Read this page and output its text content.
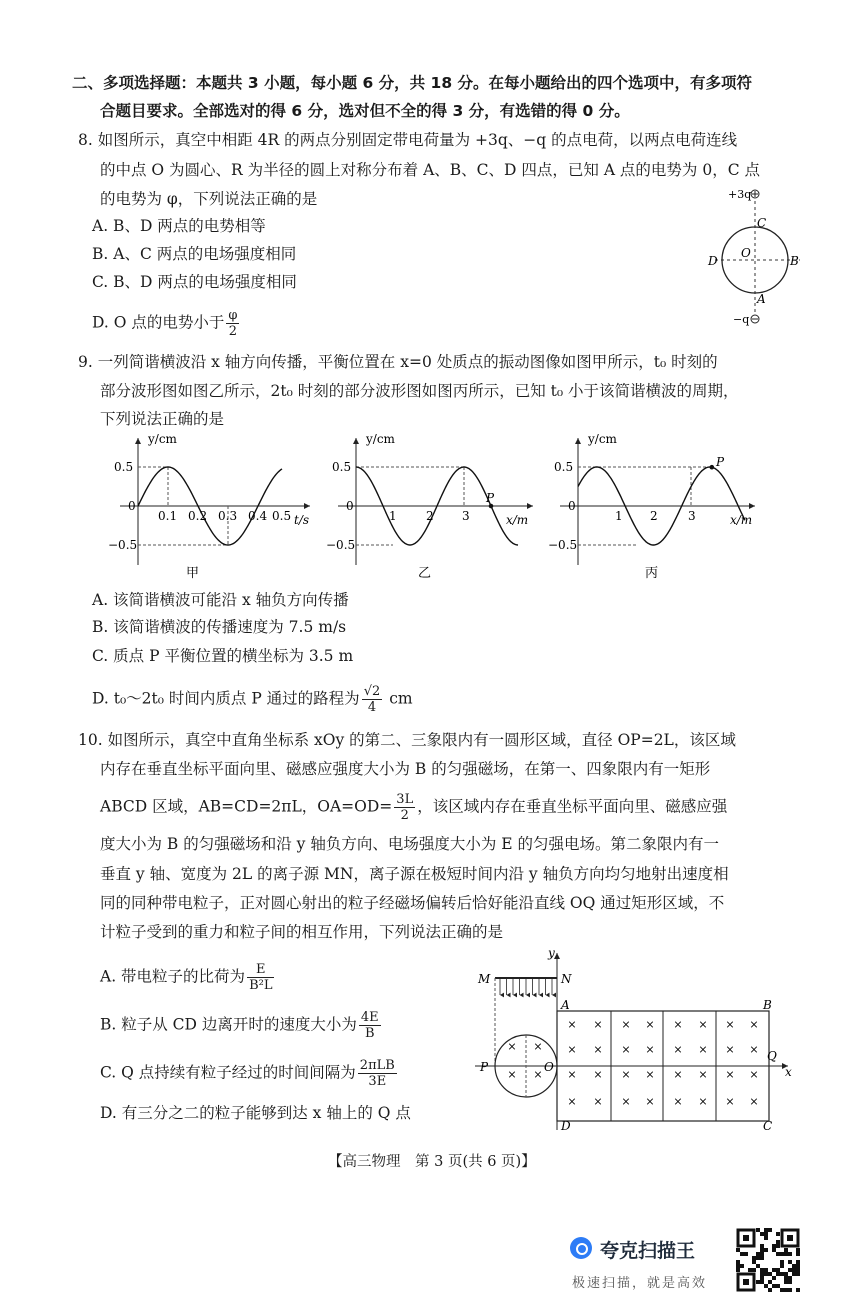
二、多项选择题：本题共 3 小题，每小题 6 分，共 18 分。在每小题给出的四个选项中，有多项符
合题目要求。全部选对的得 6 分，选对但不全的得 3 分，有选错的得 0 分。
8. 如图所示，真空中相距 4R 的两点分别固定带电荷量为 +3q、−q 的点电荷，以两点电荷连线
的中点 O 为圆心、R 为半径的圆上对称分布着 A、B、C、D 四点，已知 A 点的电势为 0，C 点
的电势为 φ，下列说法正确的是
A. B、D 两点的电势相等
B. A、C 两点的电场强度相同
C. B、D 两点的电场强度相同
D. O 点的电势小于 $\frac{\varphi}{2}$
+3q
−q
C
D	B
A
O
9. 一列简谐横波沿 x 轴方向传播，平衡位置在 x=0 处质点的振动图像如图甲所示，t₀ 时刻的
部分波形图如图乙所示，2t₀ 时刻的部分波形图如图丙所示，已知 t₀ 小于该简谐横波的周期，
下列说法正确的是
y/cm
0.5
0
−0.5
0.1 0.2 0.3 0.4 0.5 t/s
甲
y/cm
0.5
0
−0.5
1 2 3
P
x/m
乙
y/cm
0.5
0
−0.5
1 2	3
P
x/m
丙
A. 该简谐横波可能沿 x 轴负方向传播
B. 该简谐横波的传播速度为 7.5 m/s
C. 质点 P 平衡位置的横坐标为 3.5 m
D. t₀～2t₀ 时间内质点 P 通过的路程为 $\frac{√2}{4}$ cm
10. 如图所示，真空中直角坐标系 xOy 的第二、三象限内有一圆形区域，直径 OP=2L，该区域
内存在垂直坐标平面向里、磁感应强度大小为 B 的匀强磁场，在第一、四象限内有一矩形
ABCD 区域，AB=CD=2πL，$OA=OD= \frac{3L}{2}$ ，该区域内存在垂直坐标平面向里、磁感应强
度大小为 B 的匀强磁场和沿 y 轴负方向、电场强度大小为 E 的匀强电场。第二象限内有一
垂直 y 轴、宽度为 2L 的离子源 MN，离子源在极短时间内沿 y 轴负方向均匀地射出速度相
同的同种带电粒子，正对圆心射出的粒子经磁场偏转后恰好能沿直线 OQ 通过矩形区域，不
计粒子受到的重力和粒子间的相互作用，下列说法正确的是
A. 带电粒子的比荷为 $\frac{E}{\text{B²L}}$
B. 粒子从 CD 边离开时的速度大小为 $\frac{4E}{B}$
C. Q 点持续有粒子经过的时间间隔为 $\frac{\text{2πLB}}{3E}$
D. 有三分之二的粒子能够到达 x 轴上的 Q 点
× × × × × × × ×
× × × × × × × ×
× × × × × × × ×
× × × × × × × ×
× ×
× ×
M	N
y
A	B
P	O
Q
x
D	C
【高三物理　第 3 页(共 6 页)】
夸克扫描王
极速扫描，就是高效
